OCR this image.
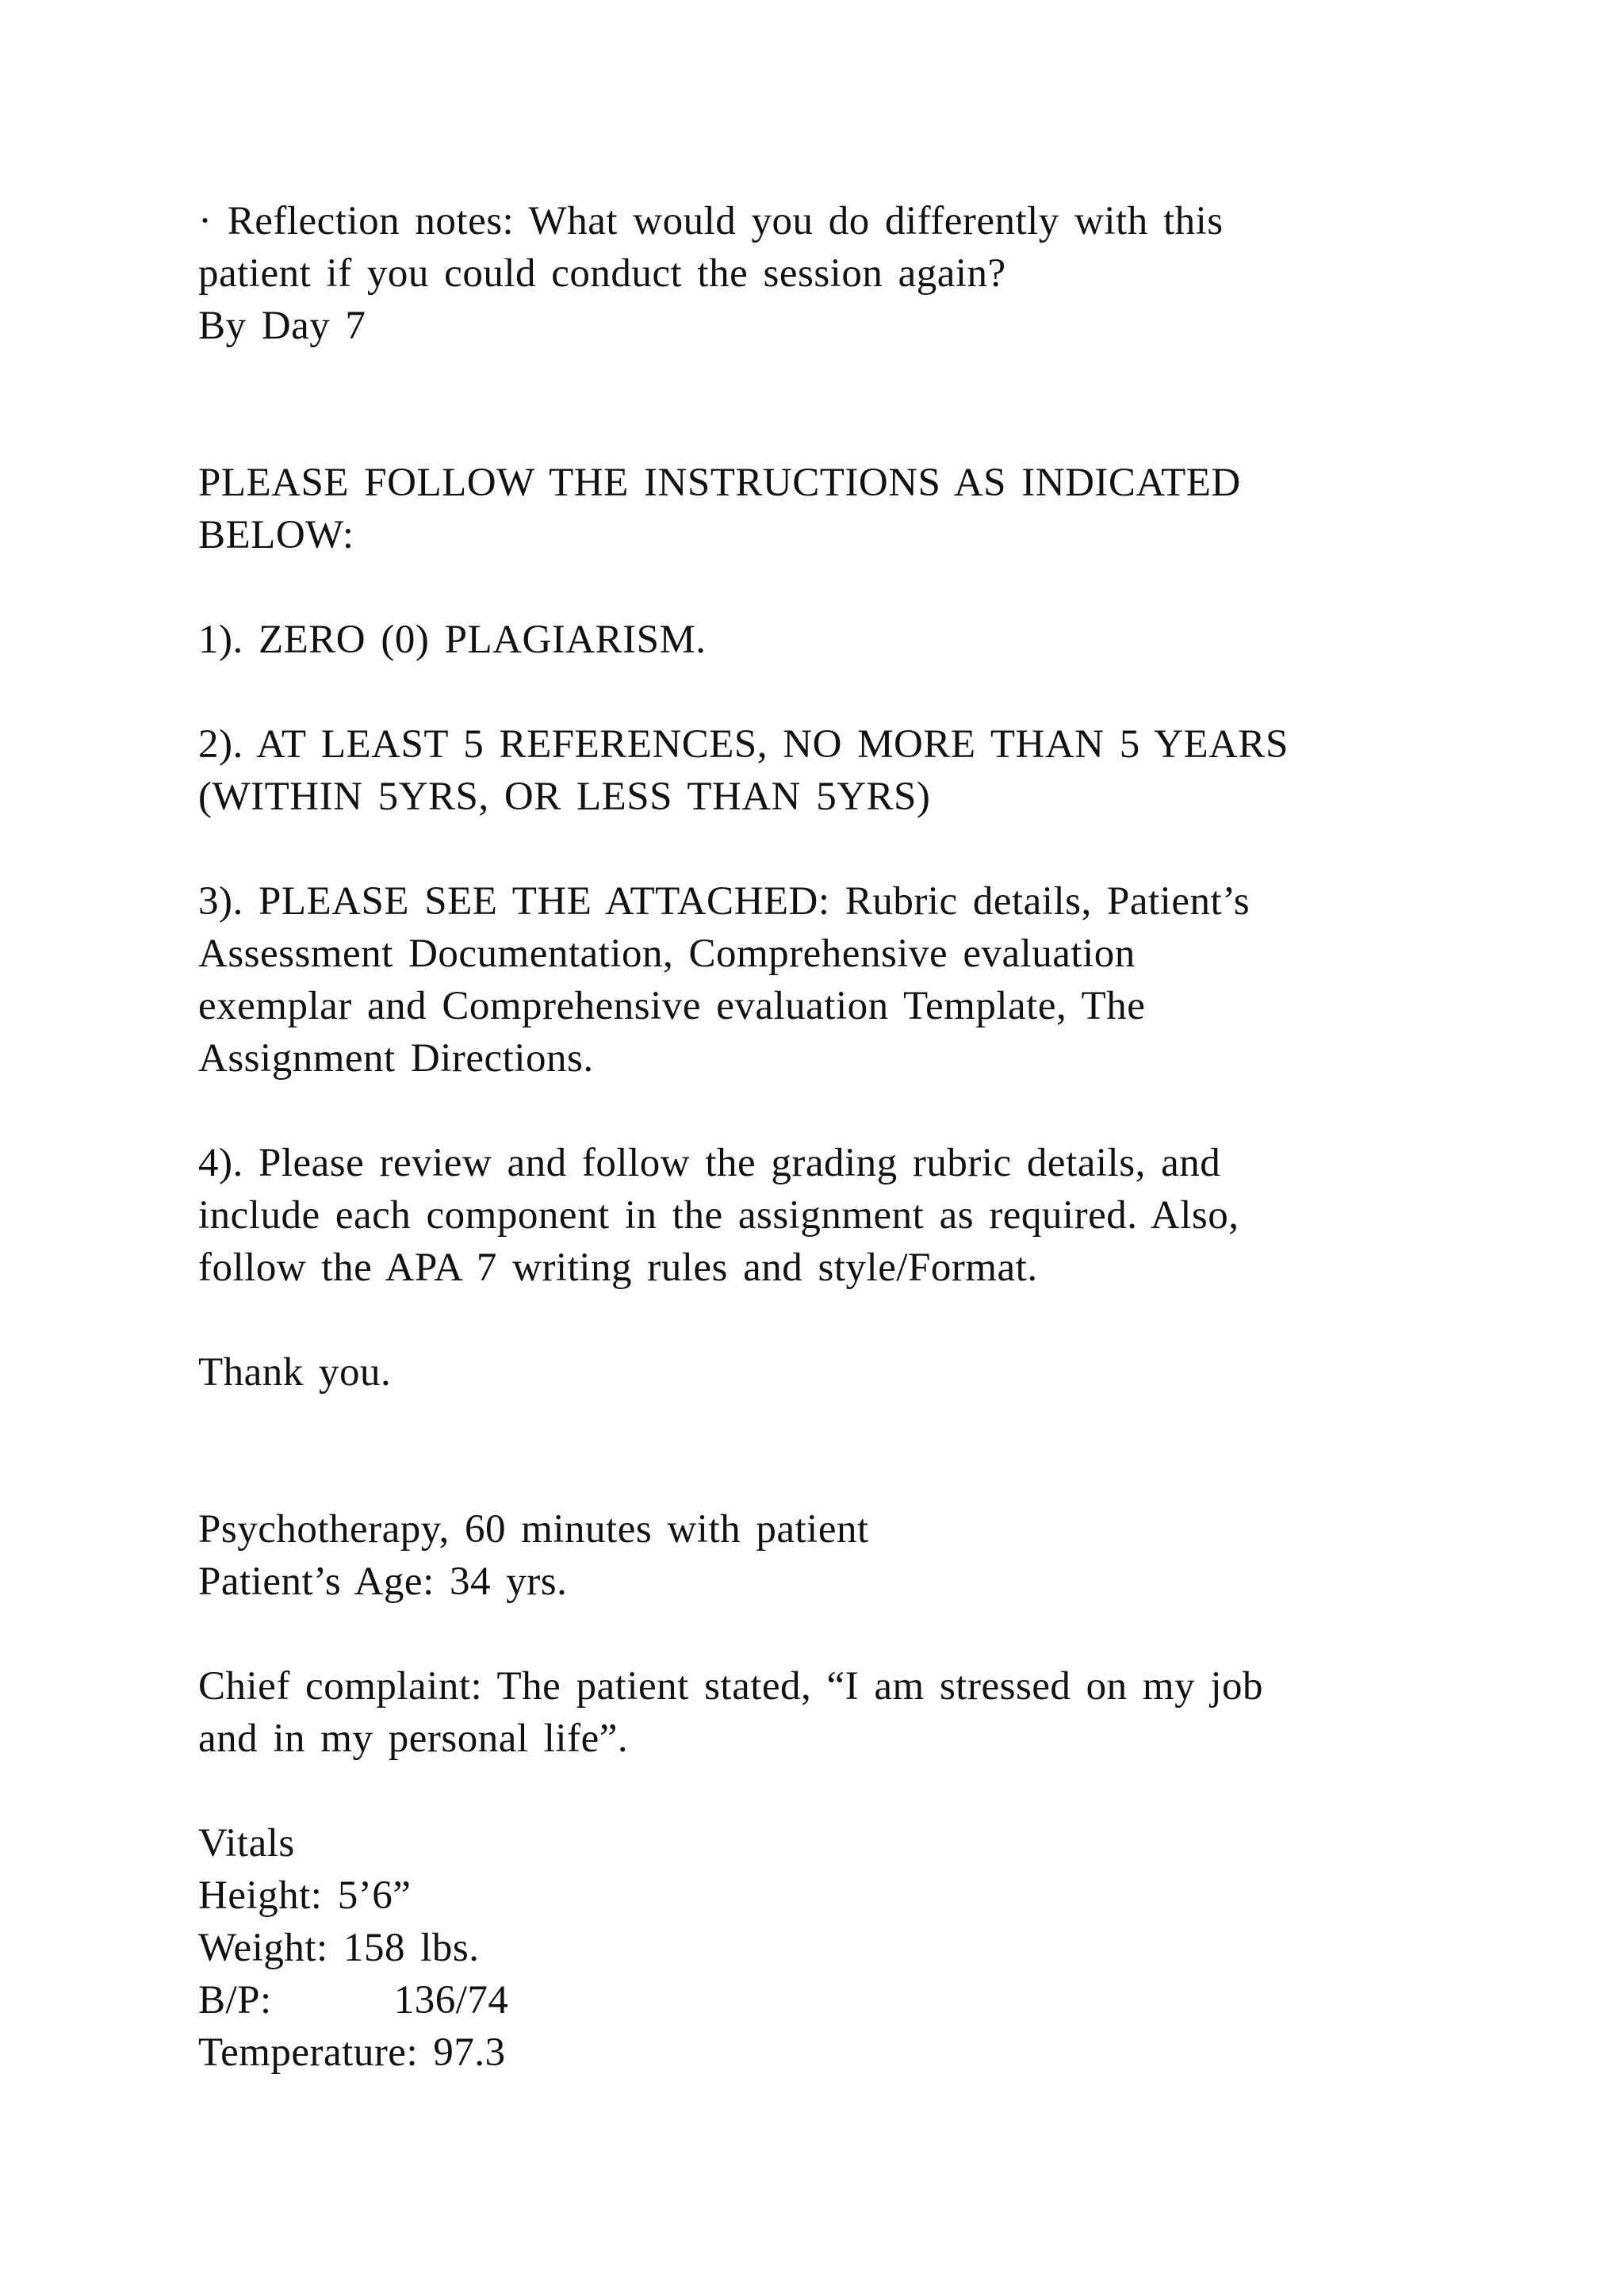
· Reflection notes: What would you do differently with this
patient if you could conduct the session again?
By Day 7
PLEASE FOLLOW THE INSTRUCTIONS AS INDICATED
BELOW:
1). ZERO (0) PLAGIARISM.
2). AT LEAST 5 REFERENCES, NO MORE THAN 5 YEARS
(WITHIN 5YRS, OR LESS THAN 5YRS)
3). PLEASE SEE THE ATTACHED: Rubric details, Patient’s
Assessment Documentation, Comprehensive evaluation
exemplar and Comprehensive evaluation Template, The
Assignment Directions.
4). Please review and follow the grading rubric details, and
include each component in the assignment as required. Also,
follow the APA 7 writing rules and style/Format.
Thank you.
Psychotherapy, 60 minutes with patient
Patient’s Age: 34 yrs.
Chief complaint: The patient stated, “I am stressed on my job
and in my personal life”.
Vitals
Height: 5’6”
Weight: 158 lbs.
B/P:        136/74
Temperature: 97.3
